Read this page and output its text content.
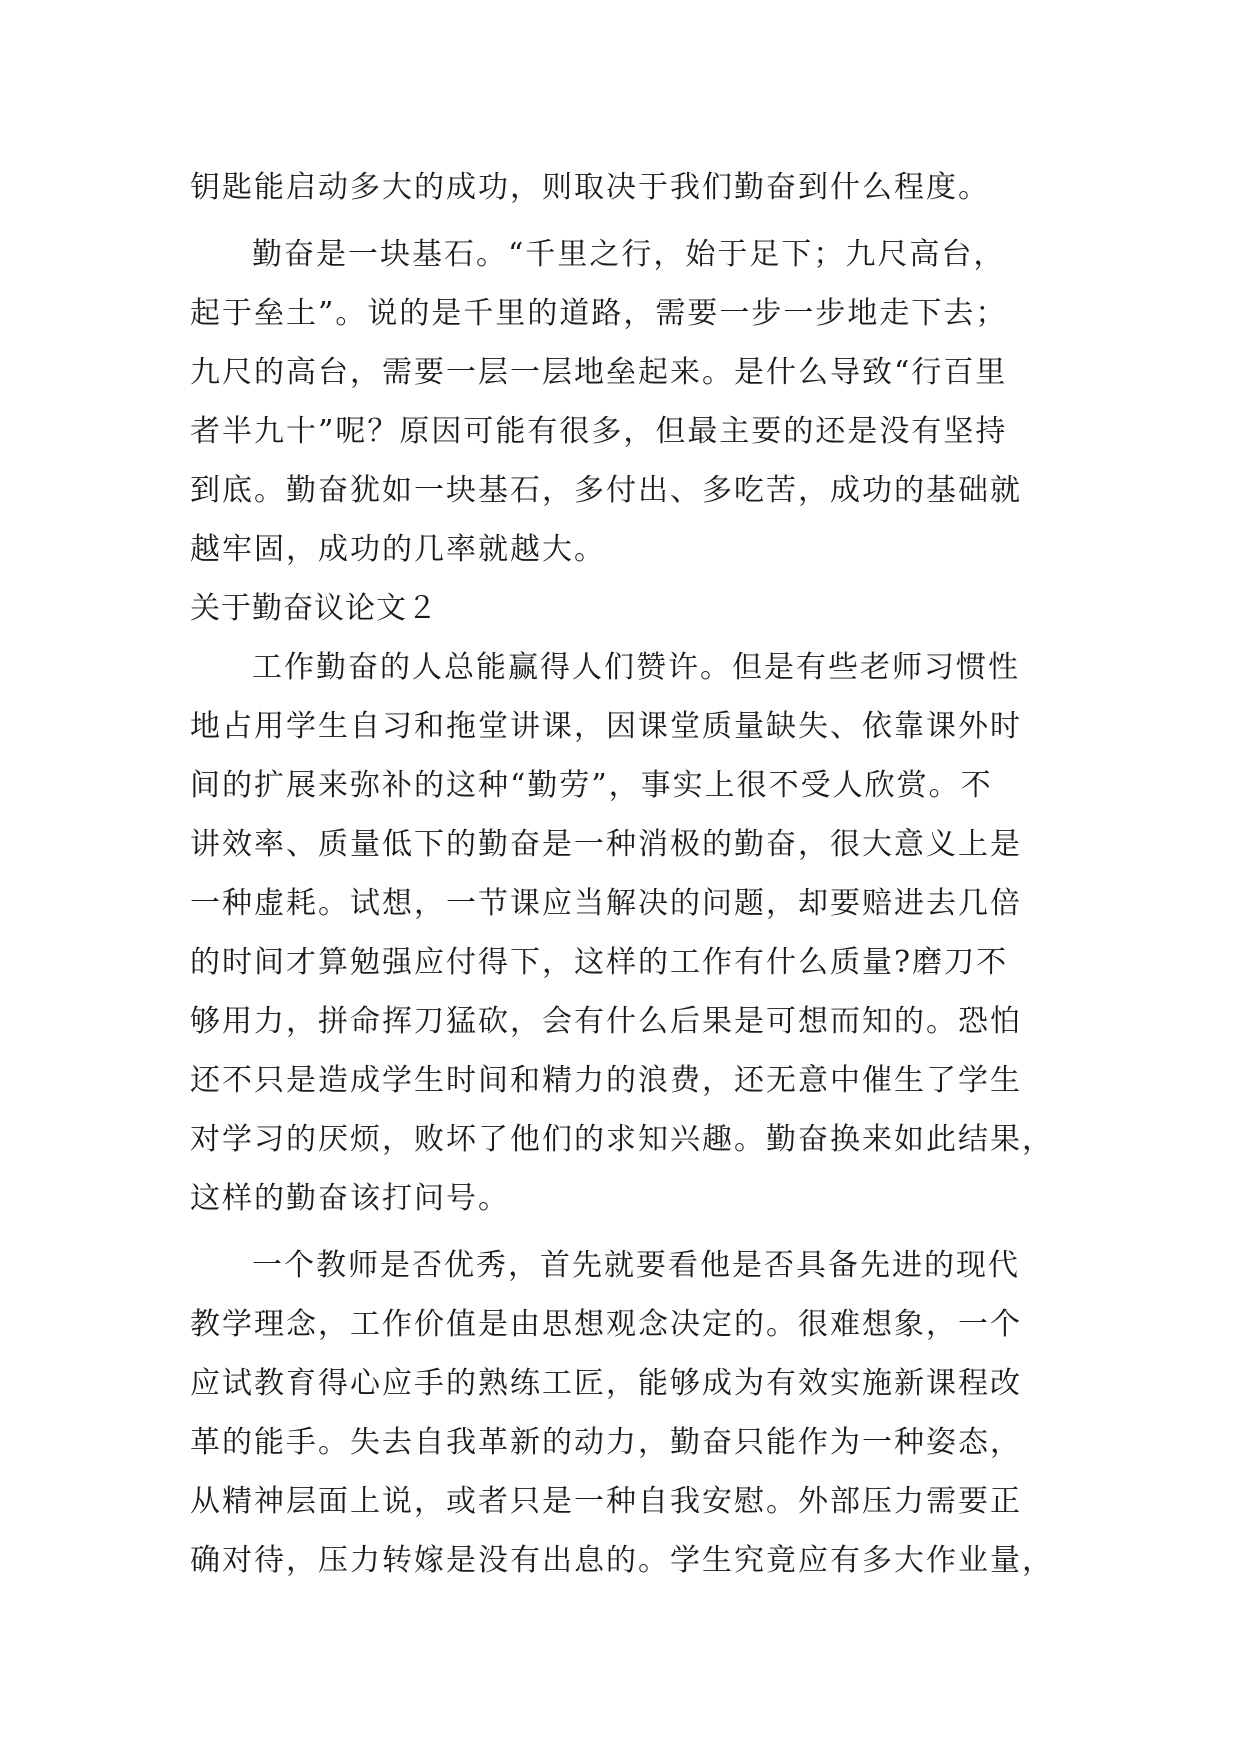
钥匙能启动多大的成功，则取决于我们勤奋到什么程度。
勤奋是一块基石。“千里之行，始于足下；九尺高台，
起于垒土”。说的是千里的道路，需要一步一步地走下去；
九尺的高台，需要一层一层地垒起来。是什么导致“行百里
者半九十”呢？原因可能有很多，但最主要的还是没有坚持
到底。勤奋犹如一块基石，多付出、多吃苦，成功的基础就
越牢固，成功的几率就越大。
关于勤奋议论文２
工作勤奋的人总能赢得人们赞许。但是有些老师习惯性
地占用学生自习和拖堂讲课，因课堂质量缺失、依靠课外时
间的扩展来弥补的这种“勤劳”，事实上很不受人欣赏。不
讲效率、质量低下的勤奋是一种消极的勤奋，很大意义上是
一种虚耗。试想，一节课应当解决的问题，却要赔进去几倍
的时间才算勉强应付得下，这样的工作有什么质量?磨刀不
够用力，拼命挥刀猛砍，会有什么后果是可想而知的。恐怕
还不只是造成学生时间和精力的浪费，还无意中催生了学生
对学习的厌烦，败坏了他们的求知兴趣。勤奋换来如此结果，
这样的勤奋该打问号。
一个教师是否优秀，首先就要看他是否具备先进的现代
教学理念，工作价值是由思想观念决定的。很难想象，一个
应试教育得心应手的熟练工匠，能够成为有效实施新课程改
革的能手。失去自我革新的动力，勤奋只能作为一种姿态，
从精神层面上说，或者只是一种自我安慰。外部压力需要正
确对待，压力转嫁是没有出息的。学生究竟应有多大作业量，
